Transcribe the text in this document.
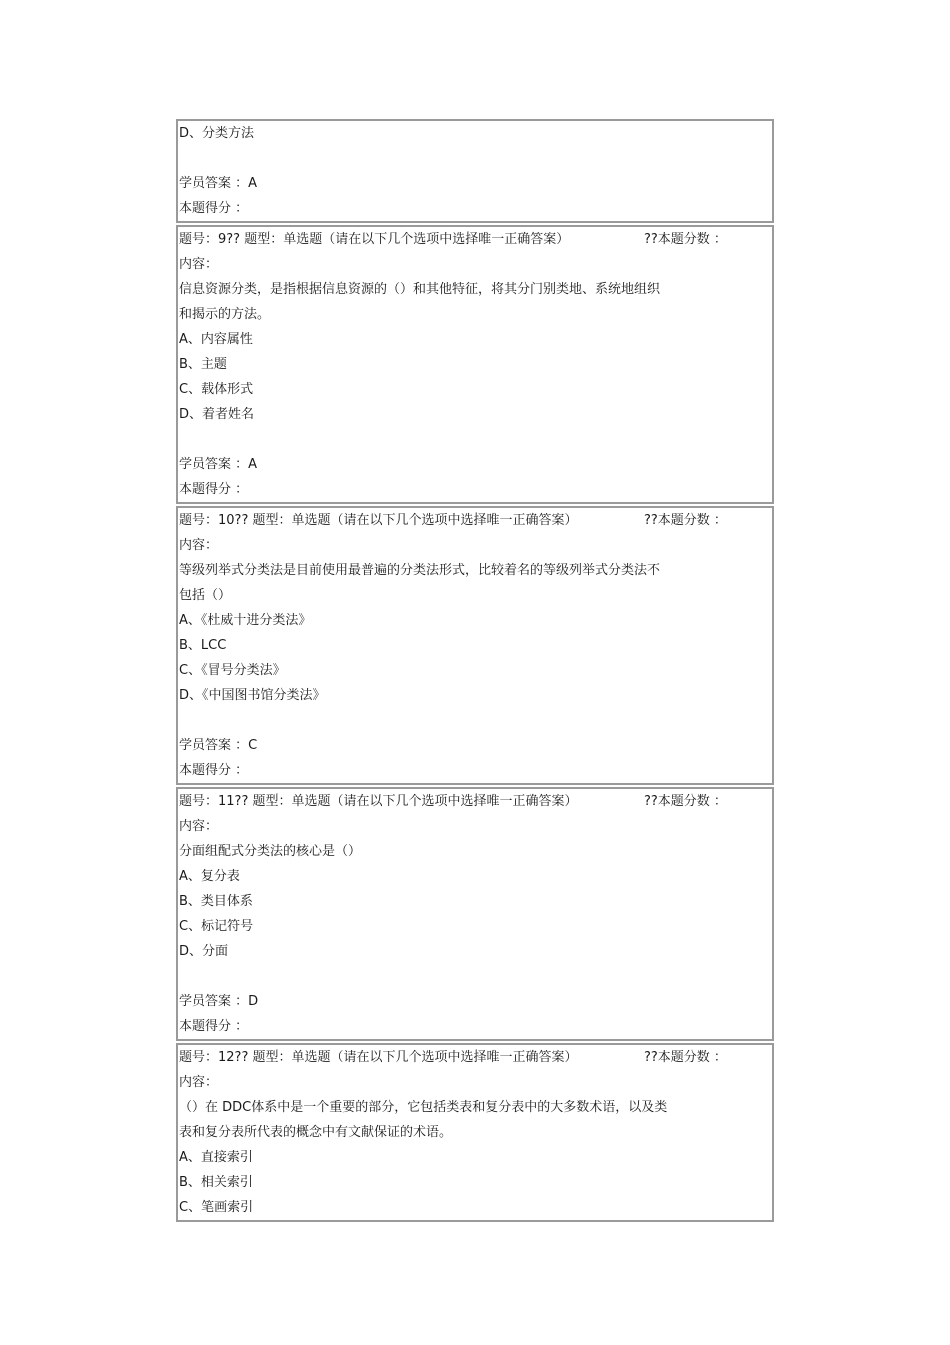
D、分类方法
学员答案 ：A
本题得分 ：
题号：9?? 题型：单选题（请在以下几个选项中选择唯一正确答案）	??本题分数 ：
内容：
信息资源分类，是指根据信息资源的（）和其他特征，将其分门别类地、系统地组织
和揭示的方法。
A、内容属性
B、主题
C、载体形式
D、着者姓名
学员答案 ：A
本题得分 ：
题号：10?? 题型：单选题（请在以下几个选项中选择唯一正确答案）	??本题分数 ：
内容：
等级列举式分类法是目前使用最普遍的分类法形式，比较着名的等级列举式分类法不
包括（）
A、《杜威十进分类法》
B、LCC
C、《冒号分类法》
D、《中国图书馆分类法》
学员答案 ：C
本题得分 ：
题号：11?? 题型：单选题（请在以下几个选项中选择唯一正确答案）	??本题分数 ：
内容：
分面组配式分类法的核心是（）
A、复分表
B、类目体系
C、标记符号
D、分面
学员答案 ：D
本题得分 ：
题号：12?? 题型：单选题（请在以下几个选项中选择唯一正确答案）	??本题分数 ：
内容：
（）在 DDC体系中是一个重要的部分，它包括类表和复分表中的大多数术语，以及类
表和复分表所代表的概念中有文献保证的术语。
A、直接索引
B、相关索引
C、笔画索引
